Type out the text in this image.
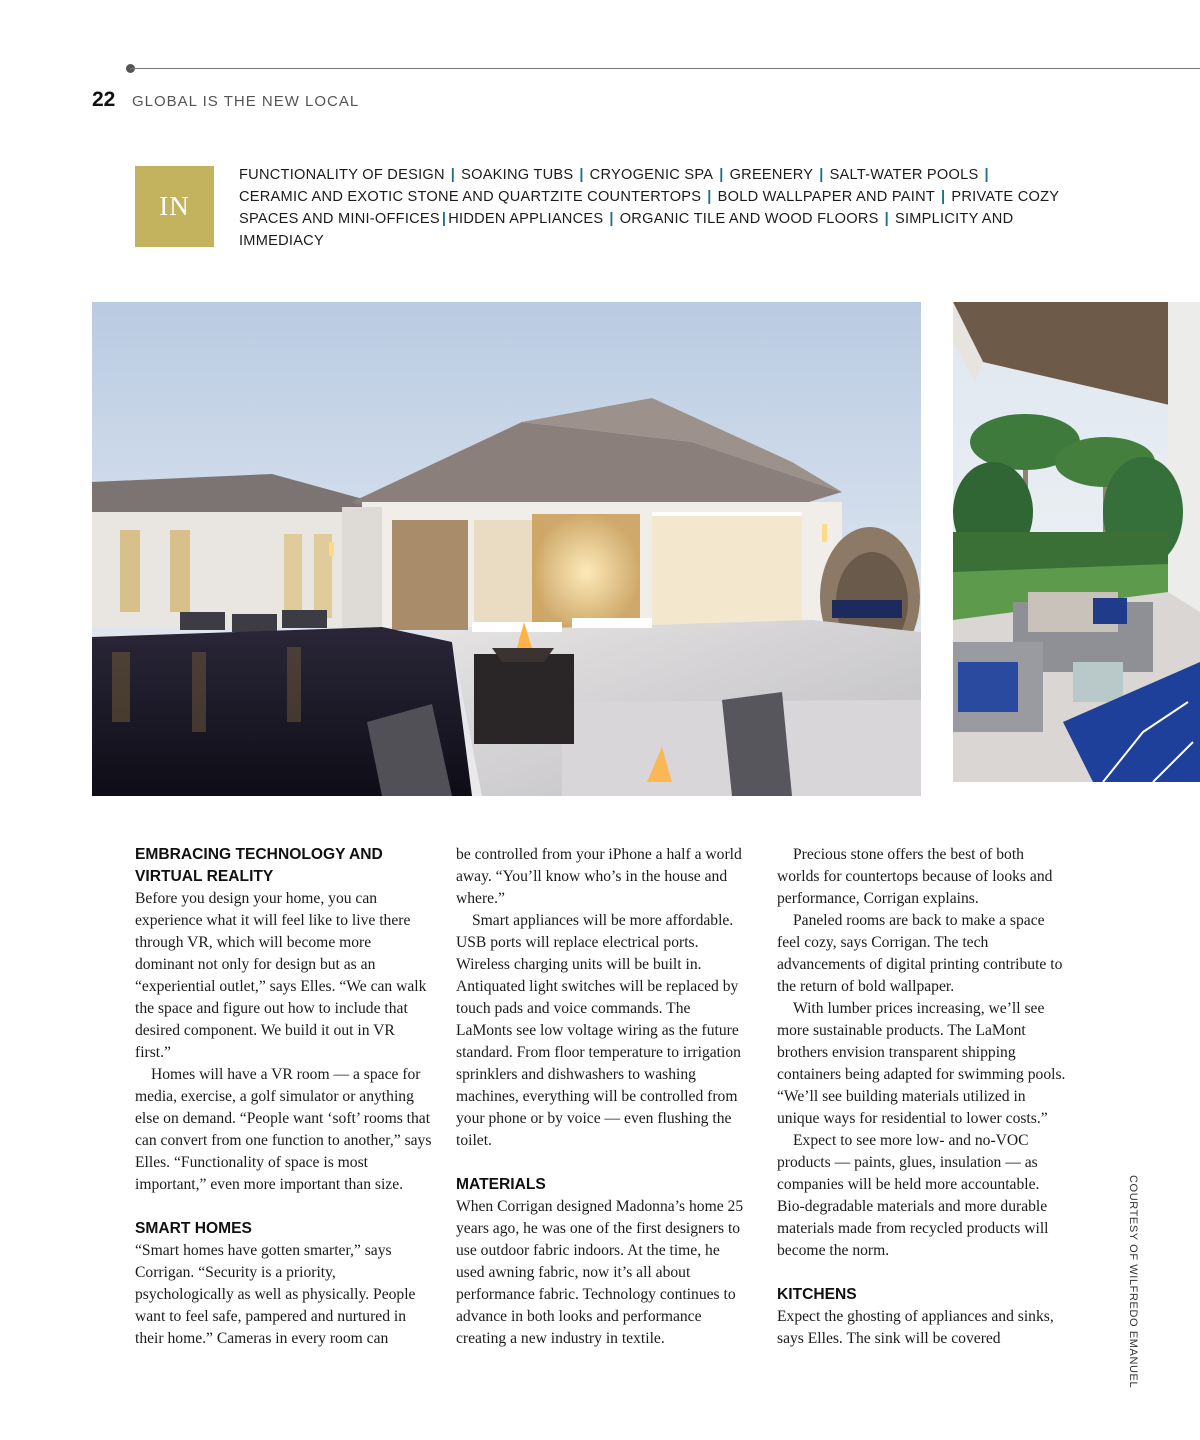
22 GLOBAL IS THE NEW LOCAL
IN
FUNCTIONALITY OF DESIGN | SOAKING TUBS | CRYOGENIC SPA | GREENERY | SALT-WATER POOLS |
CERAMIC AND EXOTIC STONE AND QUARTZITE COUNTERTOPS | BOLD WALLPAPER AND PAINT | PRIVATE COZY SPACES AND MINI-OFFICES | HIDDEN APPLIANCES | ORGANIC TILE AND WOOD FLOORS | SIMPLICITY AND IMMEDIACY
EMBRACING TECHNOLOGY AND VIRTUAL REALITY

Before you design your home, you can experience what it will feel like to live there through VR, which will become more dominant not only for design but as an “experiential outlet,” says Elles. “We can walk the space and figure out how to include that desired component. We build it out in VR first.”

Homes will have a VR room — a space for media, exercise, a golf simulator or anything else on demand. “People want ‘soft’ rooms that can convert from one function to another,” says Elles. “Functionality of space is most important,” even more important than size.

SMART HOMES

“Smart homes have gotten smarter,” says Corrigan. “Security is a priority, psychologically as well as physically. People want to feel safe, pampered and nurtured in their home.” Cameras in every room can

be controlled from your iPhone a half a world away. “You’ll know who’s in the house and where.”

Smart appliances will be more affordable. USB ports will replace electrical ports. Wireless charging units will be built in. Antiquated light switches will be replaced by touch pads and voice commands. The LaMonts see low voltage wiring as the future standard. From floor temperature to irrigation sprinklers and dishwashers to washing machines, everything will be controlled from your phone or by voice — even flushing the toilet.

MATERIALS

When Corrigan designed Madonna’s home 25 years ago, he was one of the first designers to use outdoor fabric indoors. At the time, he used awning fabric, now it’s all about performance fabric. Technology continues to advance in both looks and performance creating a new industry in textile.

Precious stone offers the best of both worlds for countertops because of looks and performance, Corrigan explains.

Paneled rooms are back to make a space feel cozy, says Corrigan. The tech advancements of digital printing contribute to the return of bold wallpaper.

With lumber prices increasing, we’ll see more sustainable products. The LaMont brothers envision transparent shipping containers being adapted for swimming pools. “We’ll see building materials utilized in unique ways for residential to lower costs.”

Expect to see more low- and no-VOC products — paints, glues, insulation — as companies will be held more accountable. Bio-degradable materials and more durable materials made from recycled products will become the norm.

KITCHENS

Expect the ghosting of appliances and sinks, says Elles. The sink will be covered	COURTESY OF WILFREDO EMANUEL
